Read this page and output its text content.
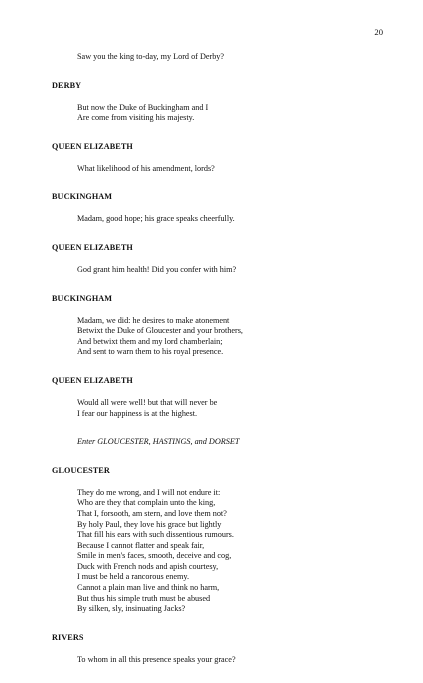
20
Saw you the king to-day, my Lord of Derby?
DERBY
But now the Duke of Buckingham and I
Are come from visiting his majesty.
QUEEN ELIZABETH
What likelihood of his amendment, lords?
BUCKINGHAM
Madam, good hope; his grace speaks cheerfully.
QUEEN ELIZABETH
God grant him health! Did you confer with him?
BUCKINGHAM
Madam, we did: he desires to make atonement
Betwixt the Duke of Gloucester and your brothers,
And betwixt them and my lord chamberlain;
And sent to warn them to his royal presence.
QUEEN ELIZABETH
Would all were well! but that will never be
I fear our happiness is at the highest.
Enter GLOUCESTER, HASTINGS, and DORSET
GLOUCESTER
They do me wrong, and I will not endure it:
Who are they that complain unto the king,
That I, forsooth, am stern, and love them not?
By holy Paul, they love his grace but lightly
That fill his ears with such dissentious rumours.
Because I cannot flatter and speak fair,
Smile in men's faces, smooth, deceive and cog,
Duck with French nods and apish courtesy,
I must be held a rancorous enemy.
Cannot a plain man live and think no harm,
But thus his simple truth must be abused
By silken, sly, insinuating Jacks?
RIVERS
To whom in all this presence speaks your grace?
